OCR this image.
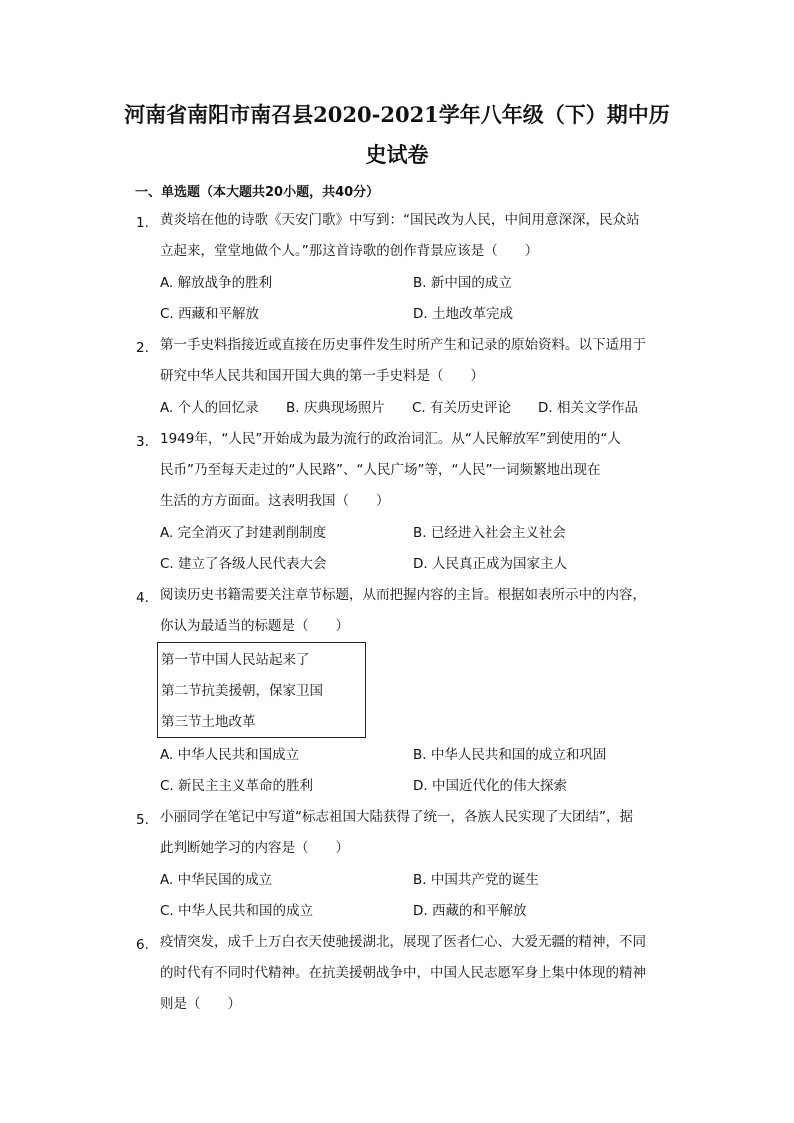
河南省南阳市南召县2020-2021学年八年级（下）期中历
史试卷
一、单选题（本大题共20小题，共40分）
1. 黄炎培在他的诗歌《天安门歌》中写到：“国民改为人民，中间用意深深，民众站
立起来，堂堂地做个人。”那这首诗歌的创作背景应该是（　　）
A. 解放战争的胜利	B. 新中国的成立
C. 西藏和平解放	D. 土地改革完成
2. 第一手史料指接近或直接在历史事件发生时所产生和记录的原始资料。以下适用于
研究中华人民共和国开国大典的第一手史料是（　　）
A. 个人的回忆录 B. 庆典现场照片 C. 有关历史评论 D. 相关文学作品
3. 1949年，“人民”开始成为最为流行的政治词汇。从“人民解放军”到使用的“人
民币”乃至每天走过的“人民路”、“人民广场”等，“人民”一词频繁地出现在
生活的方方面面。这表明我国（　　）
A. 完全消灭了封建剥削制度	B. 已经进入社会主义社会
C. 建立了各级人民代表大会	D. 人民真正成为国家主人
4. 阅读历史书籍需要关注章节标题，从而把握内容的主旨。根据如表所示中的内容，
你认为最适当的标题是（　　）
第一节中国人民站起来了
第二节抗美援朝，保家卫国
第三节土地改革
A. 中华人民共和国成立	B. 中华人民共和国的成立和巩固
C. 新民主主义革命的胜利	D. 中国近代化的伟大探索
5. 小丽同学在笔记中写道“标志祖国大陆获得了统一，各族人民实现了大团结”，据
此判断她学习的内容是（　　）
A. 中华民国的成立	B. 中国共产党的诞生
C. 中华人民共和国的成立	D. 西藏的和平解放
6. 疫情突发，成千上万白衣天使驰援湖北，展现了医者仁心、大爱无疆的精神，不同
的时代有不同时代精神。在抗美援朝战争中，中国人民志愿军身上集中体现的精神
则是（　　）
